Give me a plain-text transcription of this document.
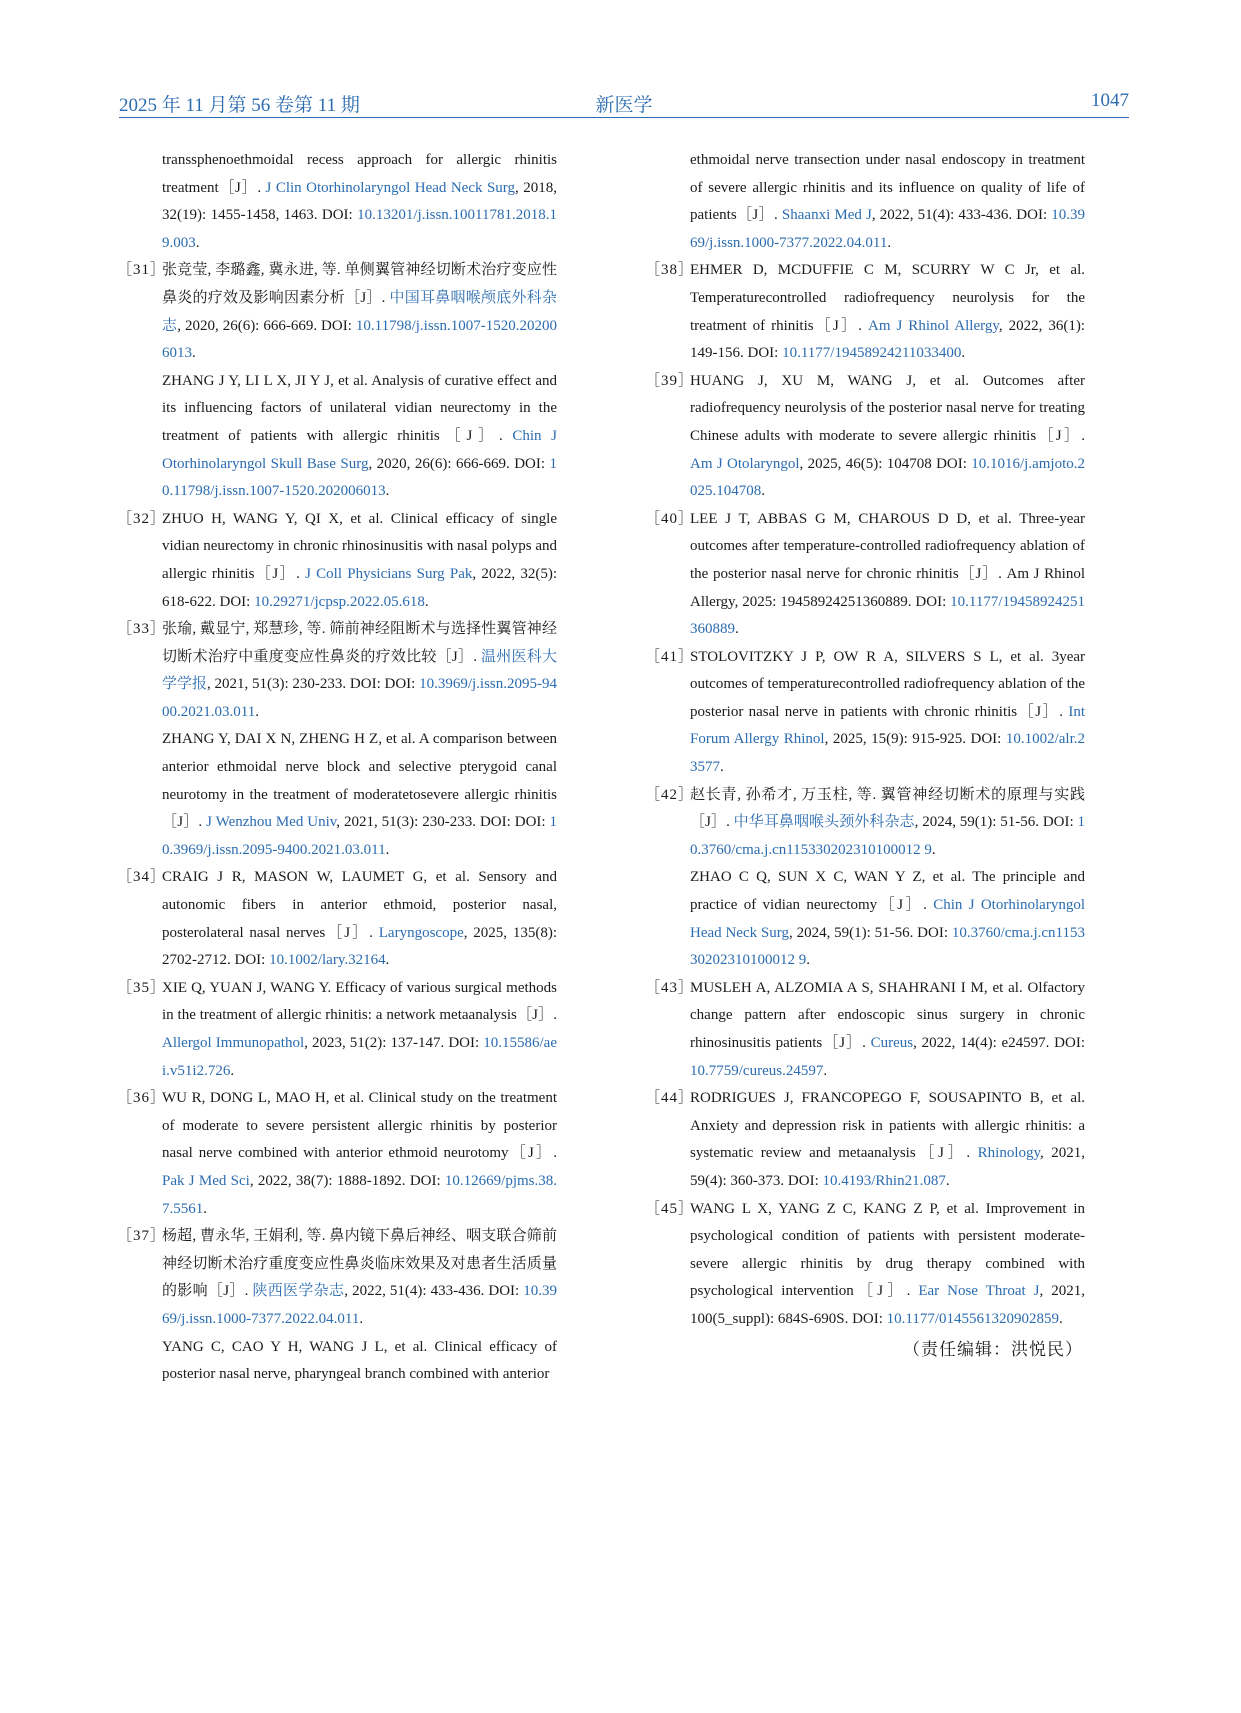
2025 年 11 月第 56 卷第 11 期	新医学	1047
transsphenoethmoidal recess approach for allergic rhinitis treatment［J］. J Clin Otorhinolaryngol Head Neck Surg, 2018, 32(19): 1455-1458, 1463. DOI: 10.13201/j.issn.10011781.2018.19.003.
［31］
张竞莹, 李璐鑫, 冀永进, 等. 单侧翼管神经切断术治疗变应性鼻炎的疗效及影响因素分析［J］. 中国耳鼻咽喉颅底外科杂志, 2020, 26(6): 666-669. DOI: 10.11798/j.issn.1007-1520.202006013.
ZHANG J Y, LI L X, JI Y J, et al. Analysis of curative effect and its influencing factors of unilateral vidian neurectomy in the treatment of patients with allergic rhinitis［J］. Chin J Otorhinolaryngol Skull Base Surg, 2020, 26(6): 666-669. DOI: 10.11798/j.issn.1007-1520.202006013.
［32］
ZHUO H, WANG Y, QI X, et al. Clinical efficacy of single vidian neurectomy in chronic rhinosinusitis with nasal polyps and allergic rhinitis［J］. J Coll Physicians Surg Pak, 2022, 32(5): 618-622. DOI: 10.29271/jcpsp.2022.05.618.
［33］
张瑜, 戴显宁, 郑慧珍, 等. 筛前神经阻断术与选择性翼管神经切断术治疗中重度变应性鼻炎的疗效比较［J］. 温州医科大学学报, 2021, 51(3): 230-233. DOI: DOI: 10.3969/j.issn.2095-9400.2021.03.011.
ZHANG Y, DAI X N, ZHENG H Z, et al. A comparison between anterior ethmoidal nerve block and selective pterygoid canal neurotomy in the treatment of moderatetosevere allergic rhinitis［J］. J Wenzhou Med Univ, 2021, 51(3): 230-233. DOI: DOI: 10.3969/j.issn.2095-9400.2021.03.011.
［34］
CRAIG J R, MASON W, LAUMET G, et al. Sensory and autonomic fibers in anterior ethmoid, posterior nasal, posterolateral nasal nerves［J］. Laryngoscope, 2025, 135(8): 2702-2712. DOI: 10.1002/lary.32164.
［35］
XIE Q, YUAN J, WANG Y. Efficacy of various surgical methods in the treatment of allergic rhinitis: a network metaanalysis［J］. Allergol Immunopathol, 2023, 51(2): 137-147. DOI: 10.15586/aei.v51i2.726.
［36］
WU R, DONG L, MAO H, et al. Clinical study on the treatment of moderate to severe persistent allergic rhinitis by posterior nasal nerve combined with anterior ethmoid neurotomy［J］. Pak J Med Sci, 2022, 38(7): 1888-1892. DOI: 10.12669/pjms.38.7.5561.
［37］
杨超, 曹永华, 王娟利, 等. 鼻内镜下鼻后神经、咽支联合筛前神经切断术治疗重度变应性鼻炎临床效果及对患者生活质量的影响［J］. 陕西医学杂志, 2022, 51(4): 433-436. DOI: 10.3969/j.issn.1000-7377.2022.04.011.
YANG C, CAO Y H, WANG J L, et al. Clinical efficacy of posterior nasal nerve, pharyngeal branch combined with anterior
ethmoidal nerve transection under nasal endoscopy in treatment of severe allergic rhinitis and its influence on quality of life of patients［J］. Shaanxi Med J, 2022, 51(4): 433-436. DOI: 10.3969/j.issn.1000-7377.2022.04.011.
［38］
EHMER D, MCDUFFIE C M, SCURRY W C Jr, et al. Temperaturecontrolled radiofrequency neurolysis for the treatment of rhinitis［J］. Am J Rhinol Allergy, 2022, 36(1): 149-156. DOI: 10.1177/19458924211033400.
［39］
HUANG J, XU M, WANG J, et al. Outcomes after radiofrequency neurolysis of the posterior nasal nerve for treating Chinese adults with moderate to severe allergic rhinitis［J］. Am J Otolaryngol, 2025, 46(5): 104708 DOI: 10.1016/j.amjoto.2025.104708.
［40］
LEE J T, ABBAS G M, CHAROUS D D, et al. Three-year outcomes after temperature-controlled radiofrequency ablation of the posterior nasal nerve for chronic rhinitis［J］. Am J Rhinol Allergy, 2025: 19458924251360889. DOI: 10.1177/19458924251360889.
［41］
STOLOVITZKY J P, OW R A, SILVERS S L, et al. 3year outcomes of temperaturecontrolled radiofrequency ablation of the posterior nasal nerve in patients with chronic rhinitis［J］. Int Forum Allergy Rhinol, 2025, 15(9): 915-925. DOI: 10.1002/alr.23577.
［42］
赵长青, 孙希才, 万玉柱, 等. 翼管神经切断术的原理与实践［J］. 中华耳鼻咽喉头颈外科杂志, 2024, 59(1): 51-56. DOI: 10.3760/cma.j.cn115330202310100012 9.
ZHAO C Q, SUN X C, WAN Y Z, et al. The principle and practice of vidian neurectomy［J］. Chin J Otorhinolaryngol Head Neck Surg, 2024, 59(1): 51-56. DOI: 10.3760/cma.j.cn115330202310100012 9.
［43］
MUSLEH A, ALZOMIA A S, SHAHRANI I M, et al. Olfactory change pattern after endoscopic sinus surgery in chronic rhinosinusitis patients［J］. Cureus, 2022, 14(4): e24597. DOI: 10.7759/cureus.24597.
［44］
RODRIGUES J, FRANCOPEGO F, SOUSAPINTO B, et al. Anxiety and depression risk in patients with allergic rhinitis: a systematic review and metaanalysis［J］. Rhinology, 2021, 59(4): 360-373. DOI: 10.4193/Rhin21.087.
［45］
WANG L X, YANG Z C, KANG Z P, et al. Improvement in psychological condition of patients with persistent moderate-severe allergic rhinitis by drug therapy combined with psychological intervention［J］. Ear Nose Throat J, 2021, 100(5_suppl): 684S-690S. DOI: 10.1177/0145561320902859.
（责任编辑：洪悦民）
